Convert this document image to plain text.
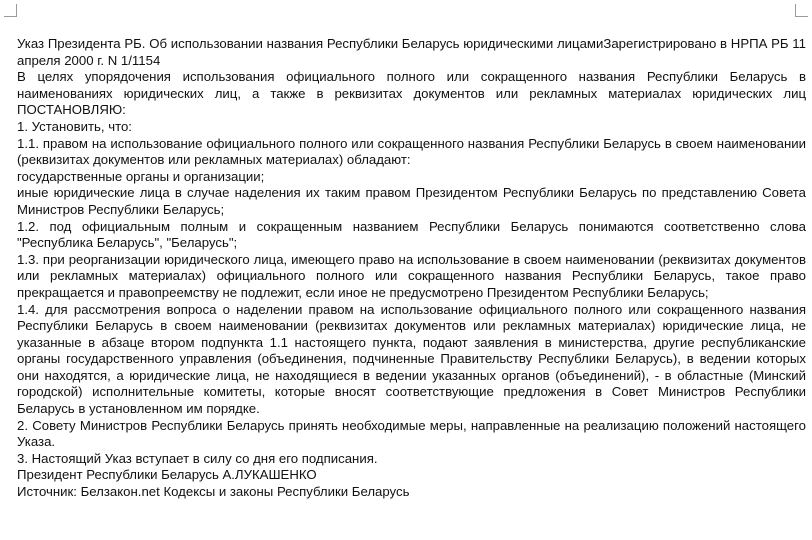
Указ Президента РБ. Об использовании названия Республики Беларусь юридическими лицамиЗарегистрировано в НРПА РБ 11 апреля 2000 г. N 1/1154

В целях упорядочения использования официального полного или сокращенного названия Республики Беларусь в наименованиях юридических лиц, а также в реквизитах документов или рекламных материалах юридических лиц ПОСТАНОВЛЯЮ:

1. Установить, что:

1.1. правом на использование официального полного или сокращенного названия Республики Беларусь в своем наименовании (реквизитах документов или рекламных материалах) обладают:

государственные органы и организации;

иные юридические лица в случае наделения их таким правом Президентом Республики Беларусь по представлению Совета Министров Республики Беларусь;

1.2. под официальным полным и сокращенным названием Республики Беларусь понимаются соответственно слова "Республика Беларусь", "Беларусь";

1.3. при реорганизации юридического лица, имеющего право на использование в своем наименовании (реквизитах документов или рекламных материалах) официального полного или сокращенного названия Республики Беларусь, такое право прекращается и правопреемству не подлежит, если иное не предусмотрено Президентом Республики Беларусь;

1.4. для рассмотрения вопроса о наделении правом на использование официального полного или сокращенного названия Республики Беларусь в своем наименовании (реквизитах документов или рекламных материалах) юридические лица, не указанные в абзаце втором подпункта 1.1 настоящего пункта, подают заявления в министерства, другие республиканские органы государственного управления (объединения, подчиненные Правительству Республики Беларусь), в ведении которых они находятся, а юридические лица, не находящиеся в ведении указанных органов (объединений), - в областные (Минский городской) исполнительные комитеты, которые вносят соответствующие предложения в Совет Министров Республики Беларусь в установленном им порядке.

2. Совету Министров Республики Беларусь принять необходимые меры, направленные на реализацию положений настоящего Указа.

3. Настоящий Указ вступает в силу со дня его подписания.

Президент Республики Беларусь А.ЛУКАШЕНКО

Источник: Белзакон.net Кодексы и законы Республики Беларусь
